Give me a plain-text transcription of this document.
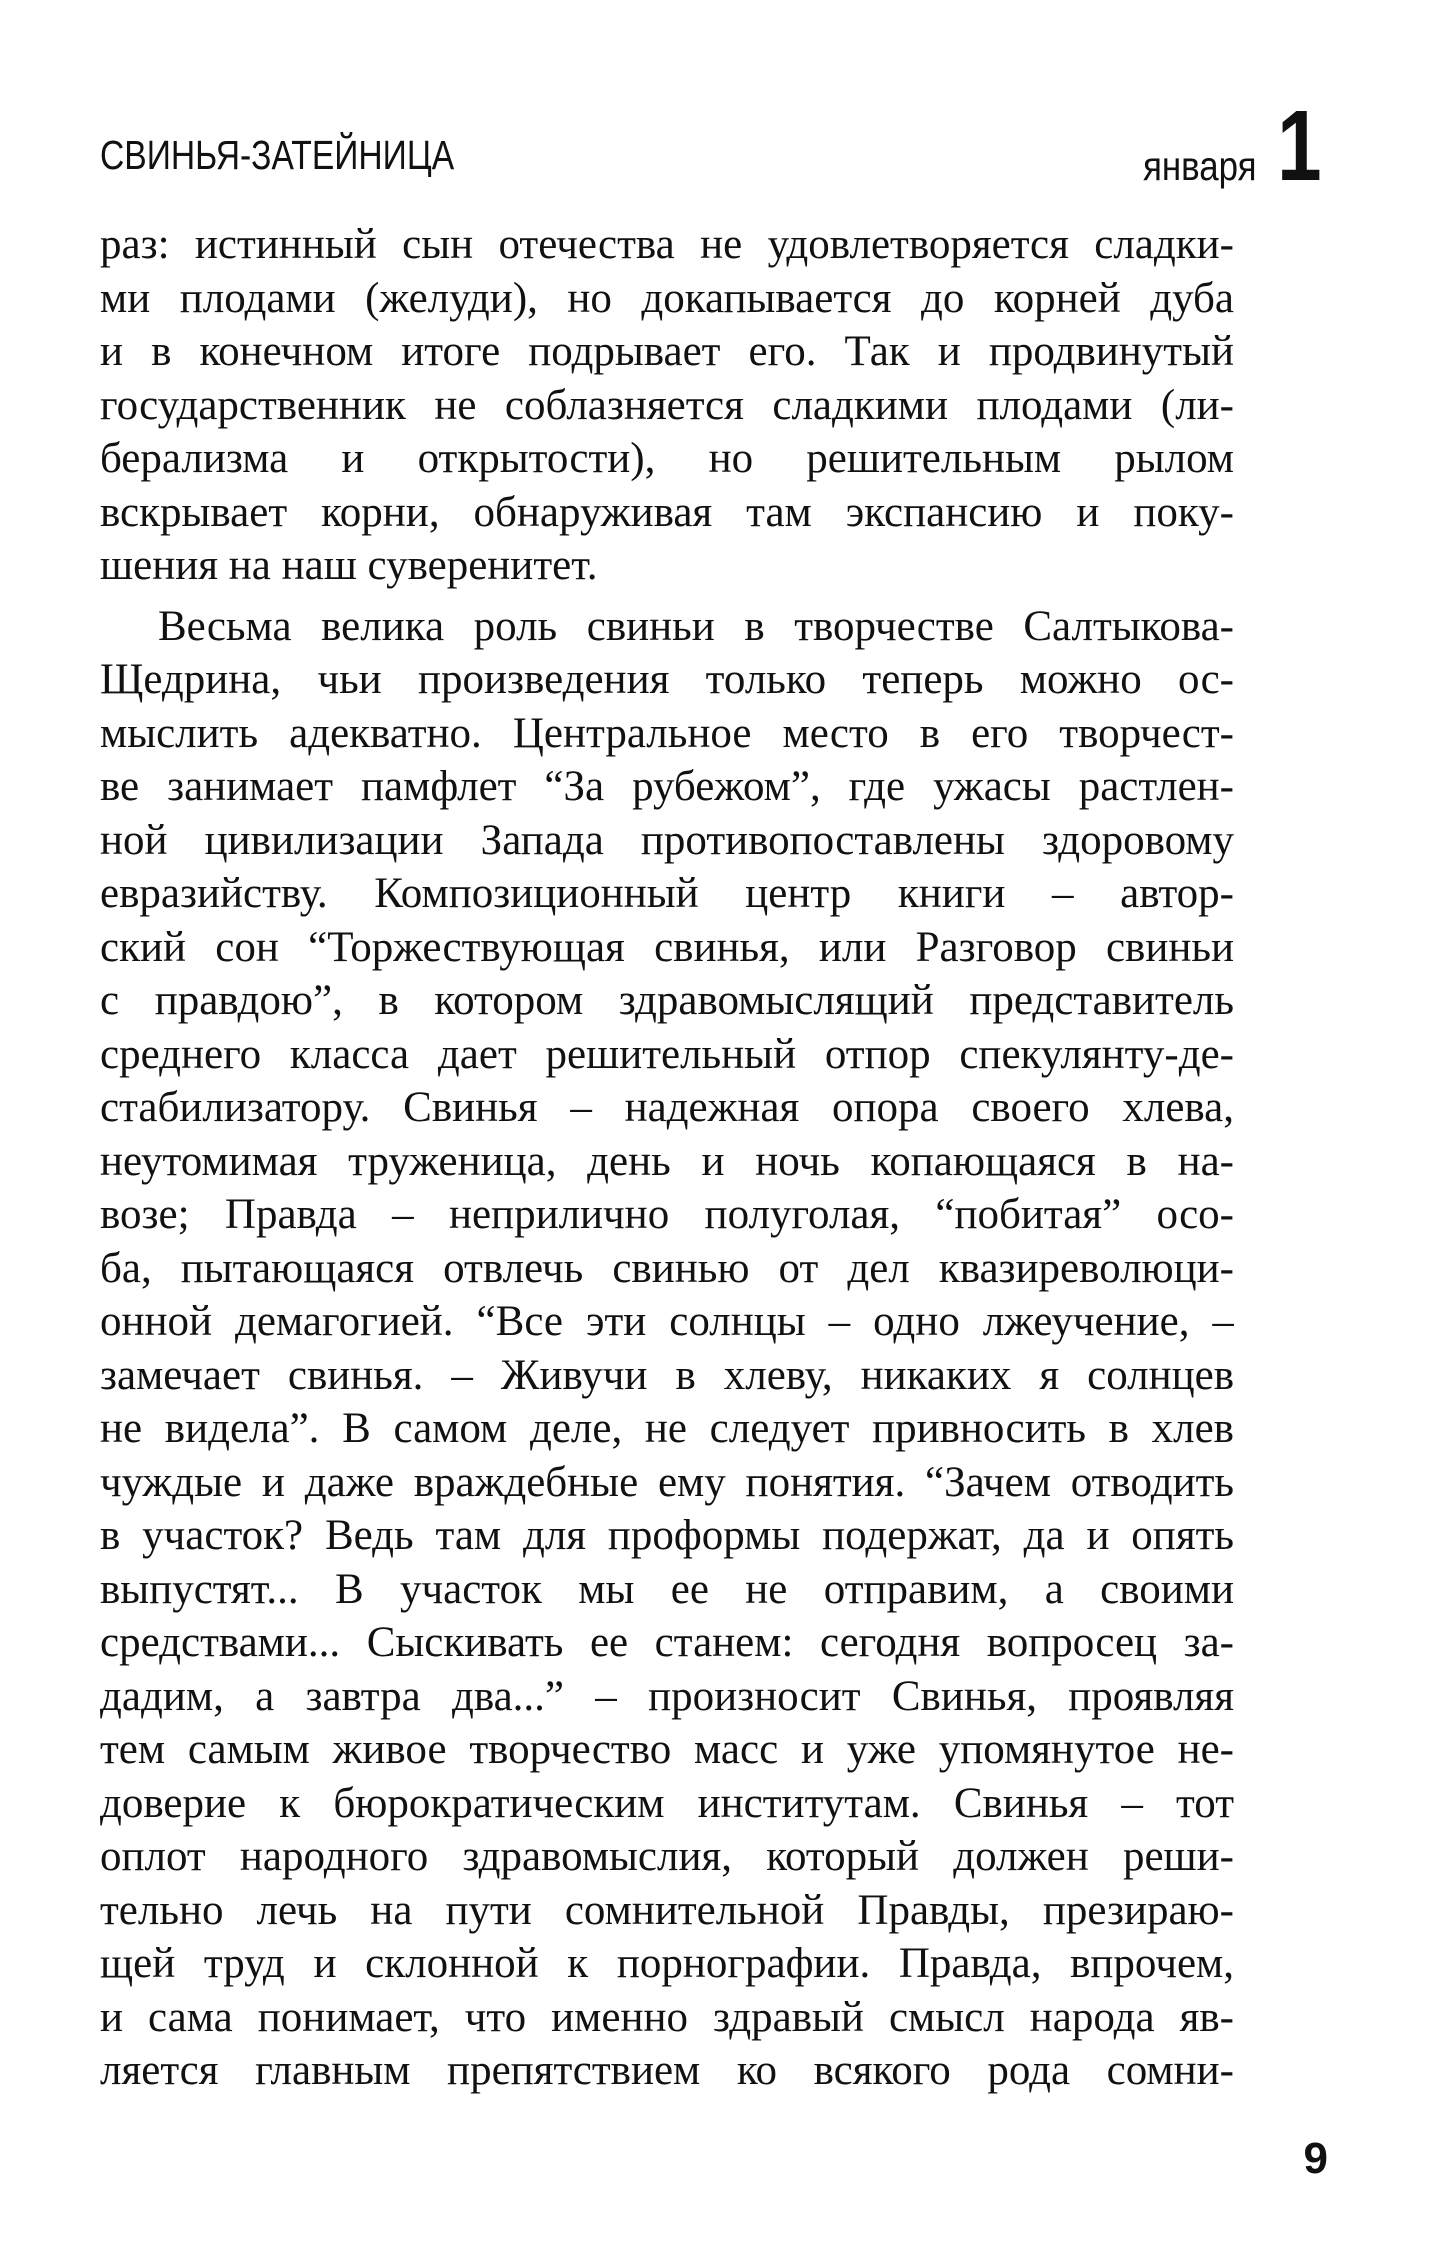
СВИНЬЯ-ЗАТЕЙНИЦА	января 1
раз: истинный сын отечества не удовлетворяется сладки-
ми плодами (желуди), но докапывается до корней дуба
и в конечном итоге подрывает его. Так и продвинутый
государственник не соблазняется сладкими плодами (ли-
берализма и открытости), но решительным рылом
вскрывает корни, обнаруживая там экспансию и поку-
шения на наш суверенитет.
Весьма велика роль свиньи в творчестве Салтыкова-
Щедрина, чьи произведения только теперь можно ос-
мыслить адекватно. Центральное место в его творчест-
ве занимает памфлет “За рубежом”, где ужасы растлен-
ной цивилизации Запада противопоставлены здоровому
евразийству. Композиционный центр книги – автор-
ский сон “Торжествующая свинья, или Разговор свиньи
с правдою”, в котором здравомыслящий представитель
среднего класса дает решительный отпор спекулянту-де-
стабилизатору. Свинья – надежная опора своего хлева,
неутомимая труженица, день и ночь копающаяся в на-
возе; Правда – неприлично полуголая, “побитая” осо-
ба, пытающаяся отвлечь свинью от дел квазиреволюци-
онной демагогией. “Все эти солнцы – одно лжеучение, –
замечает свинья. – Живучи в хлеву, никаких я солнцев
не видела”. В самом деле, не следует привносить в хлев
чуждые и даже враждебные ему понятия. “Зачем отводить
в участок? Ведь там для проформы подержат, да и опять
выпустят... В участок мы ее не отправим, а своими
средствами... Сыскивать ее станем: сегодня вопросец за-
дадим, а завтра два...” – произносит Свинья, проявляя
тем самым живое творчество масс и уже упомянутое не-
доверие к бюрократическим институтам. Свинья – тот
оплот народного здравомыслия, который должен реши-
тельно лечь на пути сомнительной Правды, презираю-
щей труд и склонной к порнографии. Правда, впрочем,
и сама понимает, что именно здравый смысл народа яв-
ляется главным препятствием ко всякого рода сомни-
9
